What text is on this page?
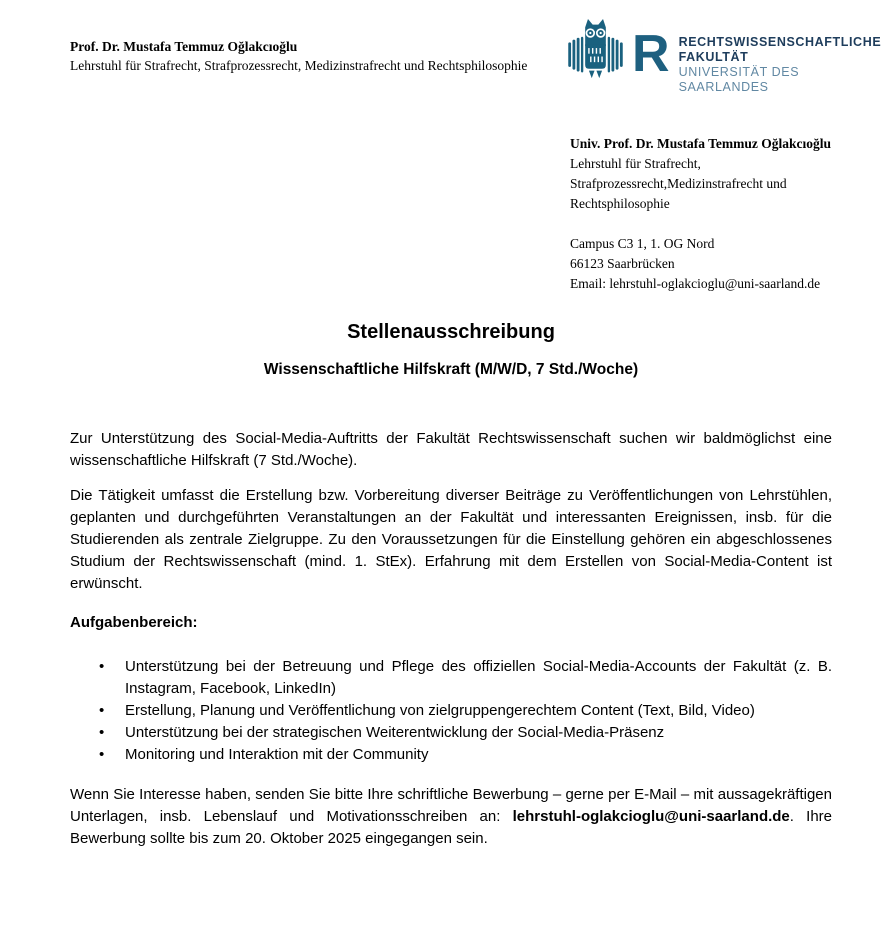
Prof. Dr. Mustafa Temmuz Oğlakcıoğlu
Lehrstuhl für Strafrecht, Strafprozessrecht, Medizinstrafrecht und Rechtsphilosophie R RECHTSWISSENSCHAFTLICHE
FAKULTÄT
UNIVERSITÄT DES SAARLANDES
Univ. Prof. Dr. Mustafa Temmuz Oğlakcıoğlu
Lehrstuhl für Strafrecht,
Strafprozessrecht,Medizinstrafrecht und
Rechtsphilosophie
Campus C3 1, 1. OG Nord
66123 Saarbrücken
Email: lehrstuhl-oglakcioglu@uni-saarland.de
Stellenausschreibung
Wissenschaftliche Hilfskraft (M/W/D, 7 Std./Woche)

Zur Unterstützung des Social-Media-Auftritts der Fakultät Rechtswissenschaft suchen wir baldmöglichst eine wissenschaftliche Hilfskraft (7 Std./Woche).

Die Tätigkeit umfasst die Erstellung bzw. Vorbereitung diverser Beiträge zu Veröffentlichungen von Lehrstühlen, geplanten und durchgeführten Veranstaltungen an der Fakultät und interessanten Ereignissen, insb. für die Studierenden als zentrale Zielgruppe. Zu den Voraussetzungen für die Einstellung gehören ein abgeschlossenes Studium der Rechtswissenschaft (mind. 1. StEx). Erfahrung mit dem Erstellen von Social-Media-Content ist erwünscht.

Aufgabenbereich:
• Unterstützung bei der Betreuung und Pflege des offiziellen Social-Media-Accounts der Fakultät (z. B. Instagram, Facebook, LinkedIn)
• Erstellung, Planung und Veröffentlichung von zielgruppengerechtem Content (Text, Bild, Video)
• Unterstützung bei der strategischen Weiterentwicklung der Social-Media-Präsenz
• Monitoring und Interaktion mit der Community

Wenn Sie Interesse haben, senden Sie bitte Ihre schriftliche Bewerbung – gerne per E-Mail – mit aussagekräftigen Unterlagen, insb. Lebenslauf und Motivationsschreiben an: lehrstuhl-oglakcioglu@uni-saarland.de. Ihre Bewerbung sollte bis zum 20. Oktober 2025 eingegangen sein.
